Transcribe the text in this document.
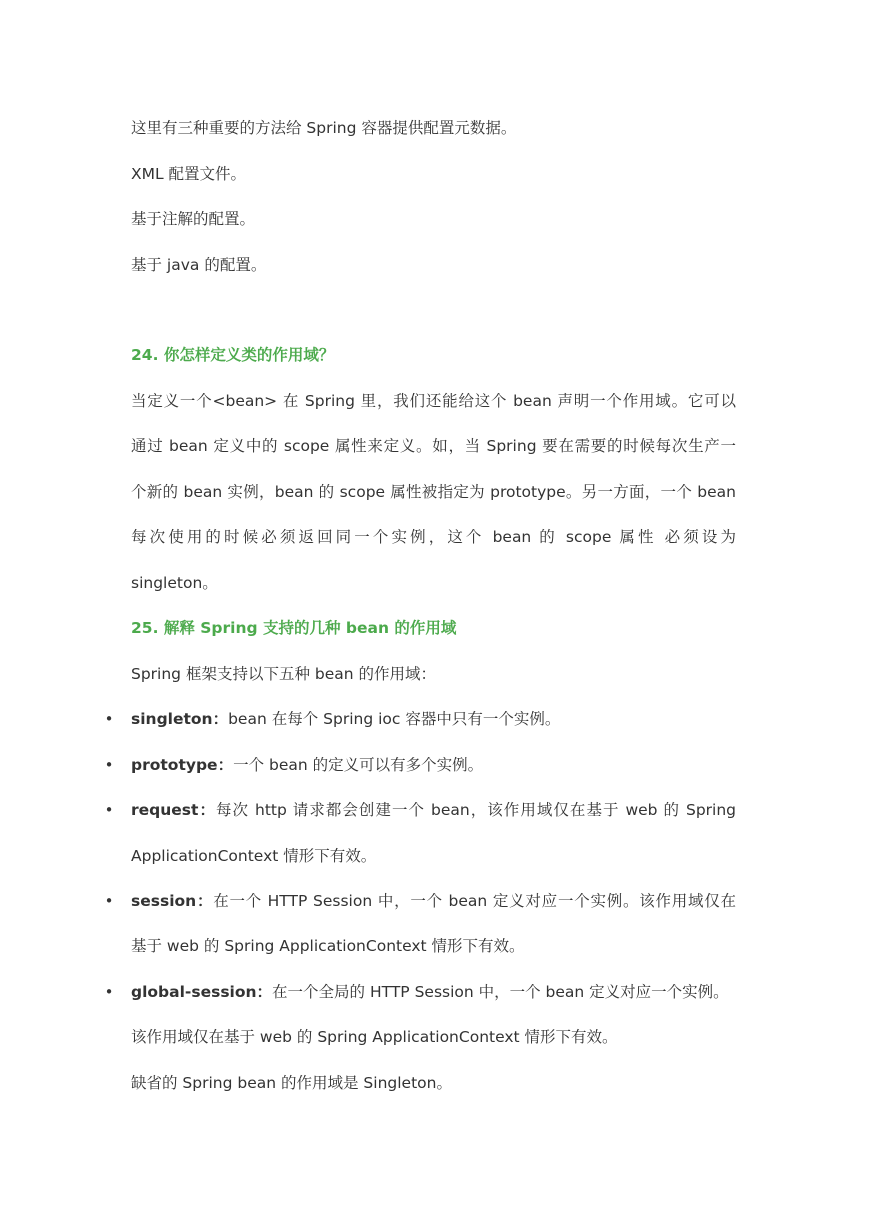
这里有三种重要的方法给 Spring 容器提供配置元数据。
XML 配置文件。
基于注解的配置。
基于 java 的配置。
24. 你怎样定义类的作用域？
当定义一个<bean> 在 Spring 里，我们还能给这个 bean 声明一个作用域。它可以
通过 bean 定义中的 scope 属性来定义。如，当 Spring 要在需要的时候每次生产一
个新的 bean 实例，bean 的 scope 属性被指定为 prototype。另一方面，一个 bean
每次使用的时候必须返回同一个实例，这个 bean 的 scope 属性 必须设为
singleton。
25. 解释 Spring 支持的几种 bean 的作用域
Spring 框架支持以下五种 bean 的作用域：
• singleton：bean 在每个 Spring ioc 容器中只有一个实例。
• prototype：一个 bean 的定义可以有多个实例。
• request：每次 http 请求都会创建一个 bean，该作用域仅在基于 web 的 Spring
ApplicationContext 情形下有效。
• session：在一个 HTTP Session 中，一个 bean 定义对应一个实例。该作用域仅在
基于 web 的 Spring ApplicationContext 情形下有效。
• global-session：在一个全局的 HTTP Session 中，一个 bean 定义对应一个实例。
该作用域仅在基于 web 的 Spring ApplicationContext 情形下有效。
缺省的 Spring bean 的作用域是 Singleton。
